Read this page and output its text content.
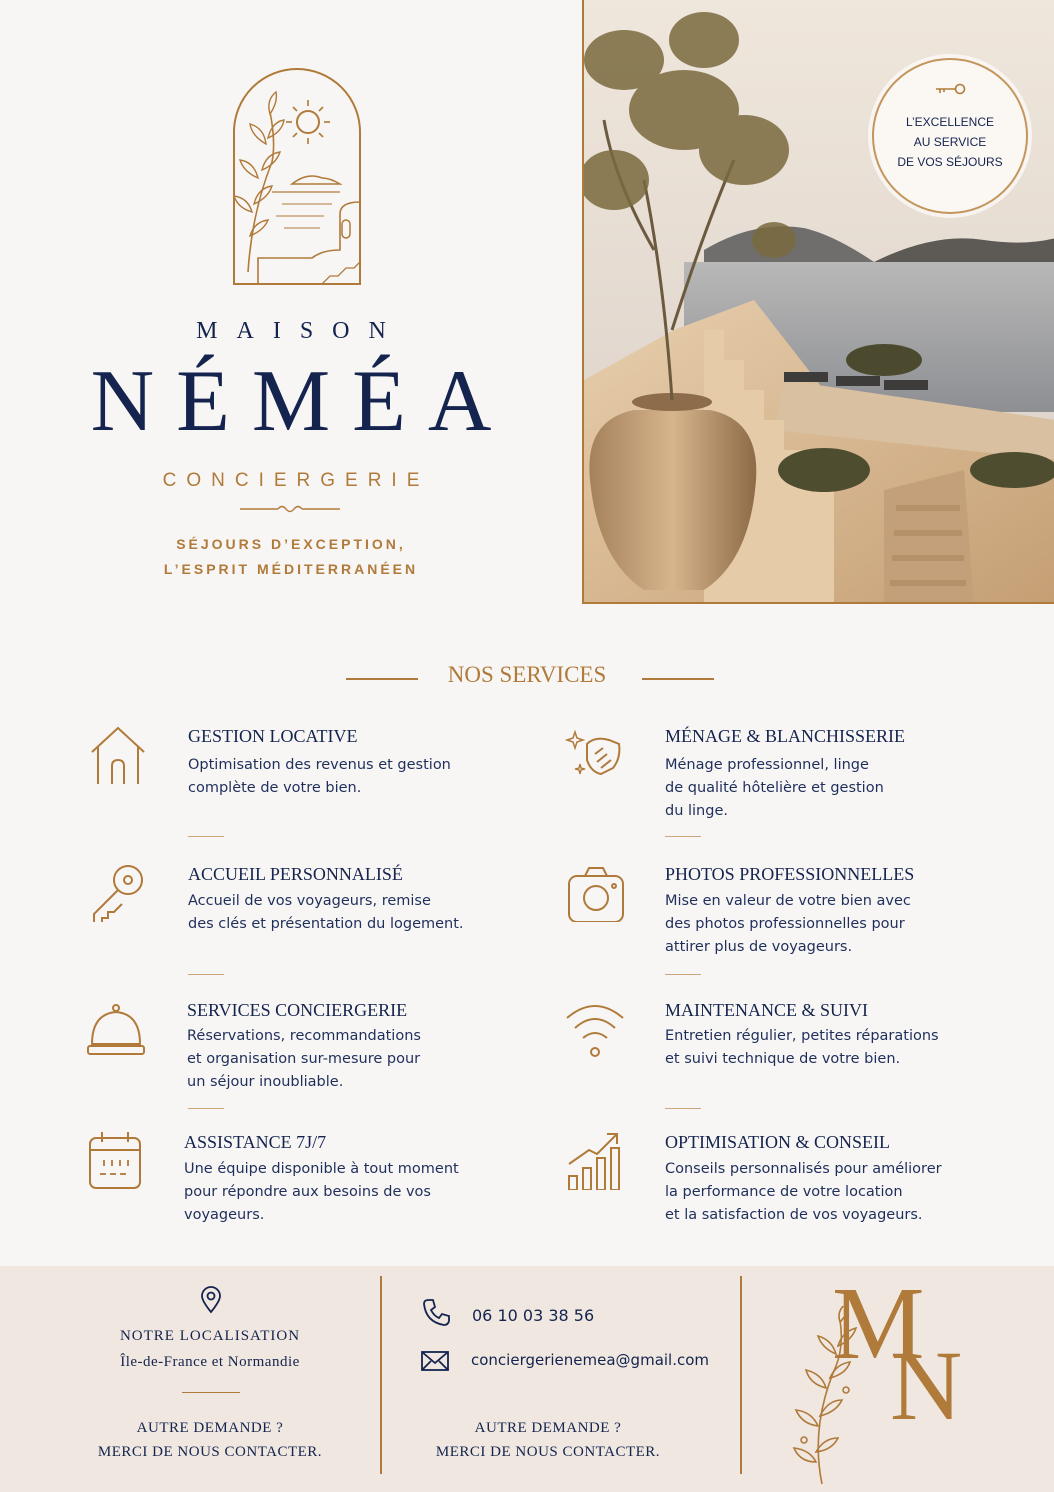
MAISON
NÉMÉA
CONCIERGERIE
SÉJOURS D’EXCEPTION,
L’ESPRIT MÉDITERRANÉEN
L’EXCELLENCE
AU SERVICE
DE VOS SÉJOURS
NOS SERVICES
GESTION LOCATIVE
Optimisation des revenus et gestion
complète de votre bien.
MÉNAGE & BLANCHISSERIE
Ménage professionnel, linge
de qualité hôtelière et gestion
du linge.
ACCUEIL PERSONNALISÉ
Accueil de vos voyageurs, remise
des clés et présentation du logement.
PHOTOS PROFESSIONNELLES
Mise en valeur de votre bien avec
des photos professionnelles pour
attirer plus de voyageurs.
SERVICES CONCIERGERIE
Réservations, recommandations
et organisation sur-mesure pour
un séjour inoubliable.
MAINTENANCE & SUIVI
Entretien régulier, petites réparations
et suivi technique de votre bien.
ASSISTANCE 7J/7
Une équipe disponible à tout moment
pour répondre aux besoins de vos
voyageurs.
OPTIMISATION & CONSEIL
Conseils personnalisés pour améliorer
la performance de votre location
et la satisfaction de vos voyageurs.
NOTRE LOCALISATION
Île-de-France et Normandie
AUTRE DEMANDE ?
MERCI DE NOUS CONTACTER.
06 10 03 38 56
conciergerienemea@gmail.com
AUTRE DEMANDE ?
MERCI DE NOUS CONTACTER.
M
N
